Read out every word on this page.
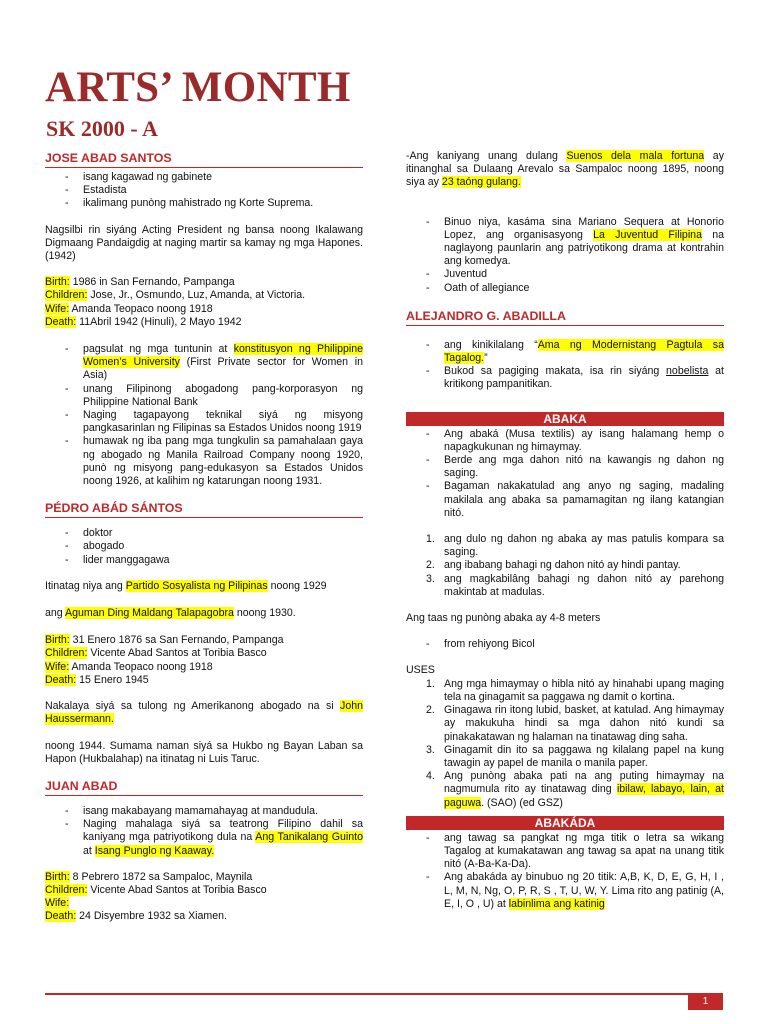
ARTS’ MONTH
SK 2000 - A
JOSE ABAD SANTOS
- isang kagawad ng gabinete
- Estadista
- ikalimang punòng mahistrado ng Korte Suprema.

Nagsilbi rin siyáng Acting President ng bansa noong Ikalawang Digmaang Pandaigdig at naging martir sa kamay ng mga Hapones. (1942)

Birth: 1986 in San Fernando, Pampanga
Children: Jose, Jr., Osmundo, Luz, Amanda, at Victoria.
Wife: Amanda Teopaco noong 1918
Death: 11Abril 1942 (Hinuli), 2 Mayo 1942
- pagsulat ng mga tuntunin at konstitusyon ng Philippine Women’s University (First Private sector for Women in Asia)
- unang Filipinong abogadong pang-korporasyon ng Philippine National Bank
- Naging tagapayong teknikal siyá ng misyong pangkasarinlan ng Filipinas sa Estados Unidos noong 1919
- humawak ng iba pang mga tungkulin sa pamahalaan gaya ng abogado ng Manila Railroad Company noong 1920, punò ng misyong pang-edukasyon sa Estados Unidos noong 1926, at kalihim ng katarungan noong 1931.
PÉDRO ABÁD SÁNTOS
- doktor
- abogado
- lider manggagawa

Itinatag niya ang Partido Sosyalista ng Pilipinas noong 1929

ang Aguman Ding Maldang Talapagobra noong 1930.

Birth: 31 Enero 1876 sa San Fernando, Pampanga
Children: Vicente Abad Santos at Toribia Basco
Wife: Amanda Teopaco noong 1918
Death: 15 Enero 1945

Nakalaya siyá sa tulong ng Amerikanong abogado na si John Haussermann.

noong 1944. Sumama naman siyá sa Hukbo ng Bayan Laban sa Hapon (Hukbalahap) na itinatag ni Luis Taruc.

JUAN ABAD
- isang makabayang mamamahayag at mandudula.
- Naging mahalaga siyá sa teatrong Filipino dahil sa kaniyang mga patriyotikong dula na Ang Tanikalang Guinto at Isang Punglo ng Kaaway.
Birth: 8 Pebrero 1872 sa Sampaloc, Maynila
Children: Vicente Abad Santos at Toribia Basco
Wife:
Death: 24 Disyembre 1932 sa Xiamen.

-Ang kaniyang unang dulang Suenos dela mala fortuna ay itinanghal sa Dulaang Arevalo sa Sampaloc noong 1895, noong siya ay 23 taóng gulang.

- Binuo niya, kasáma sina Mariano Sequera at Honorio Lopez, ang organisasyong La Juventud Filipina na naglayong paunlarin ang patriyotikong drama at kontrahin ang komedya.
- Juventud
- Oath of allegiance
ALEJANDRO G. ABADILLA
- ang kinikilalang “Ama ng Modernistang Pagtula sa Tagalog.”
- Bukod sa pagiging makata, isa rin siyáng nobelista at kritikong pampanitikan.
ABAKA
- Ang abaká (Musa textilis) ay isang halamang hemp o napagkukunan ng himaymay.
- Berde ang mga dahon nitó na kawangis ng dahon ng saging.
- Bagaman nakakatulad ang anyo ng saging, madaling makilala ang abaka sa pamamagitan ng ilang katangian nitó.
1. ang dulo ng dahon ng abaka ay mas patulis kompara sa saging.
2. ang ibabang bahagi ng dahon nitó ay hindi pantay.
3. ang magkabilâng bahagi ng dahon nitó ay parehong makintab at madulas.

Ang taas ng punòng abaka ay 4-8 meters

- from rehiyong Bicol

USES

1. Ang mga himaymay o hibla nitó ay hinahabi upang maging tela na ginagamit sa paggawa ng damit o kortina.
2. Ginagawa rin itong lubid, basket, at katulad. Ang himaymay ay makukuha hindi sa mga dahon nitó kundi sa pinakakatawan ng halaman na tinatawag ding saha.
3. Ginagamit din ito sa paggawa ng kilalang papel na kung tawagin ay papel de manila o manila paper.
4. Ang punòng abaka pati na ang puting himaymay na nagmumula rito ay tinatawag ding ibilaw, labayo, lain, at paguwa. (SAO) (ed GSZ)
ABAKÁDA
- ang tawag sa pangkat ng mga titik o letra sa wikang Tagalog at kumakatawan ang tawag sa apat na unang titik nitó (A-Ba-Ka-Da).
- Ang abakáda ay binubuo ng 20 titik: A,B, K, D, E, G, H, I , L, M, N, Ng, O, P, R, S , T, U, W, Y. Lima rito ang patinig (A, E, I, O , U) at labinlima ang katinig
1
